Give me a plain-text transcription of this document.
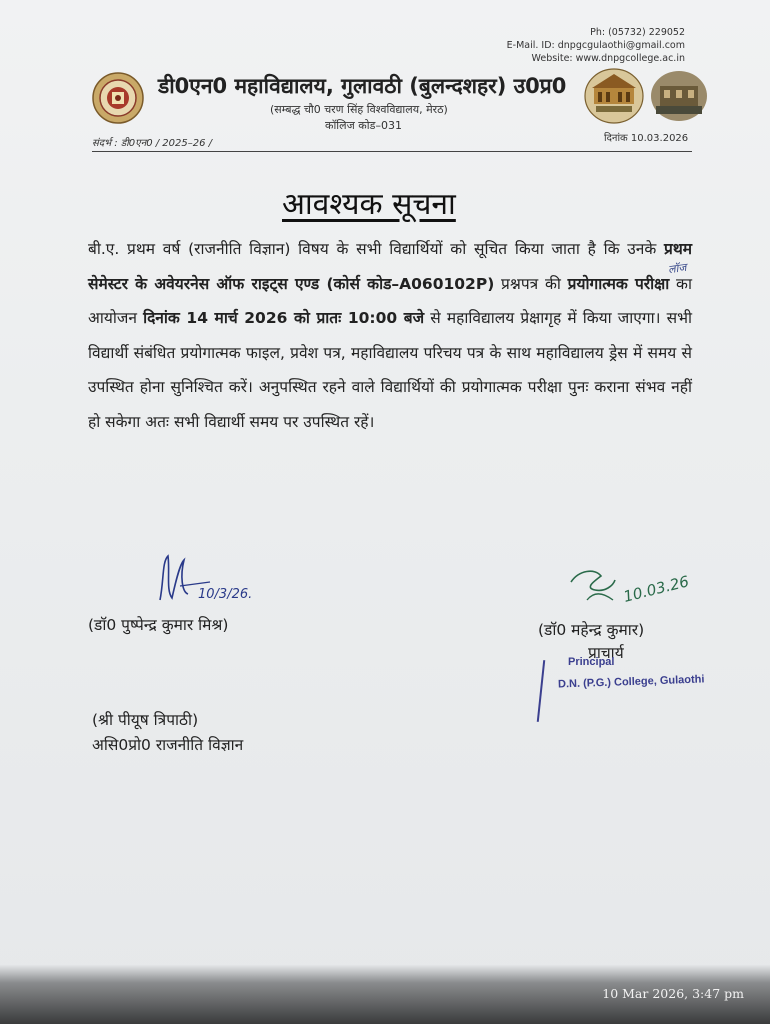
Ph: (05732) 229052
E-Mail. ID: dnpgcgulaothi@gmail.com
Website: www.dnpgcollege.ac.in
डी0एन0 महाविद्यालय, गुलावठी (बुलन्दशहर) उ0प्र0
(सम्बद्ध चौ0 चरण सिंह विश्वविद्यालय, मेरठ)
कॉलिज कोड–031
संदर्भ : डी0एन0 / 2025–26 /	दिनांक 10.03.2026
आवश्यक सूचना
लॉज
बी.ए. प्रथम वर्ष (राजनीति विज्ञान) विषय के सभी विद्यार्थियों को सूचित किया जाता है कि उनके प्रथम सेमेस्टर के अवेयरनेस ऑफ राइट्स एण्ड (कोर्स कोड–A060102P) प्रश्नपत्र की प्रयोगात्मक परीक्षा का आयोजन दिनांक 14 मार्च 2026 को प्रातः 10:00 बजे से महाविद्यालय प्रेक्षागृह में किया जाएगा। सभी विद्यार्थी संबंधित प्रयोगात्मक फाइल, प्रवेश पत्र, महाविद्यालय परिचय पत्र के साथ महाविद्यालय ड्रेस में समय से उपस्थित होना सुनिश्चित करें। अनुपस्थित रहने वाले विद्यार्थियों की प्रयोगात्मक परीक्षा पुनः कराना संभव नहीं हो सकेगा अतः सभी विद्यार्थी समय पर उपस्थित रहें।
10/3/26.	10.03.26
(डॉ0 पुष्पेन्द्र कुमार मिश्र)	(डॉ0 महेन्द्र कुमार)
प्राचार्य
Principal
D.N. (P.G.) College, Gulaothi
(श्री पीयूष त्रिपाठी)
असि0प्रो0 राजनीति विज्ञान
10 Mar 2026, 3:47 pm
